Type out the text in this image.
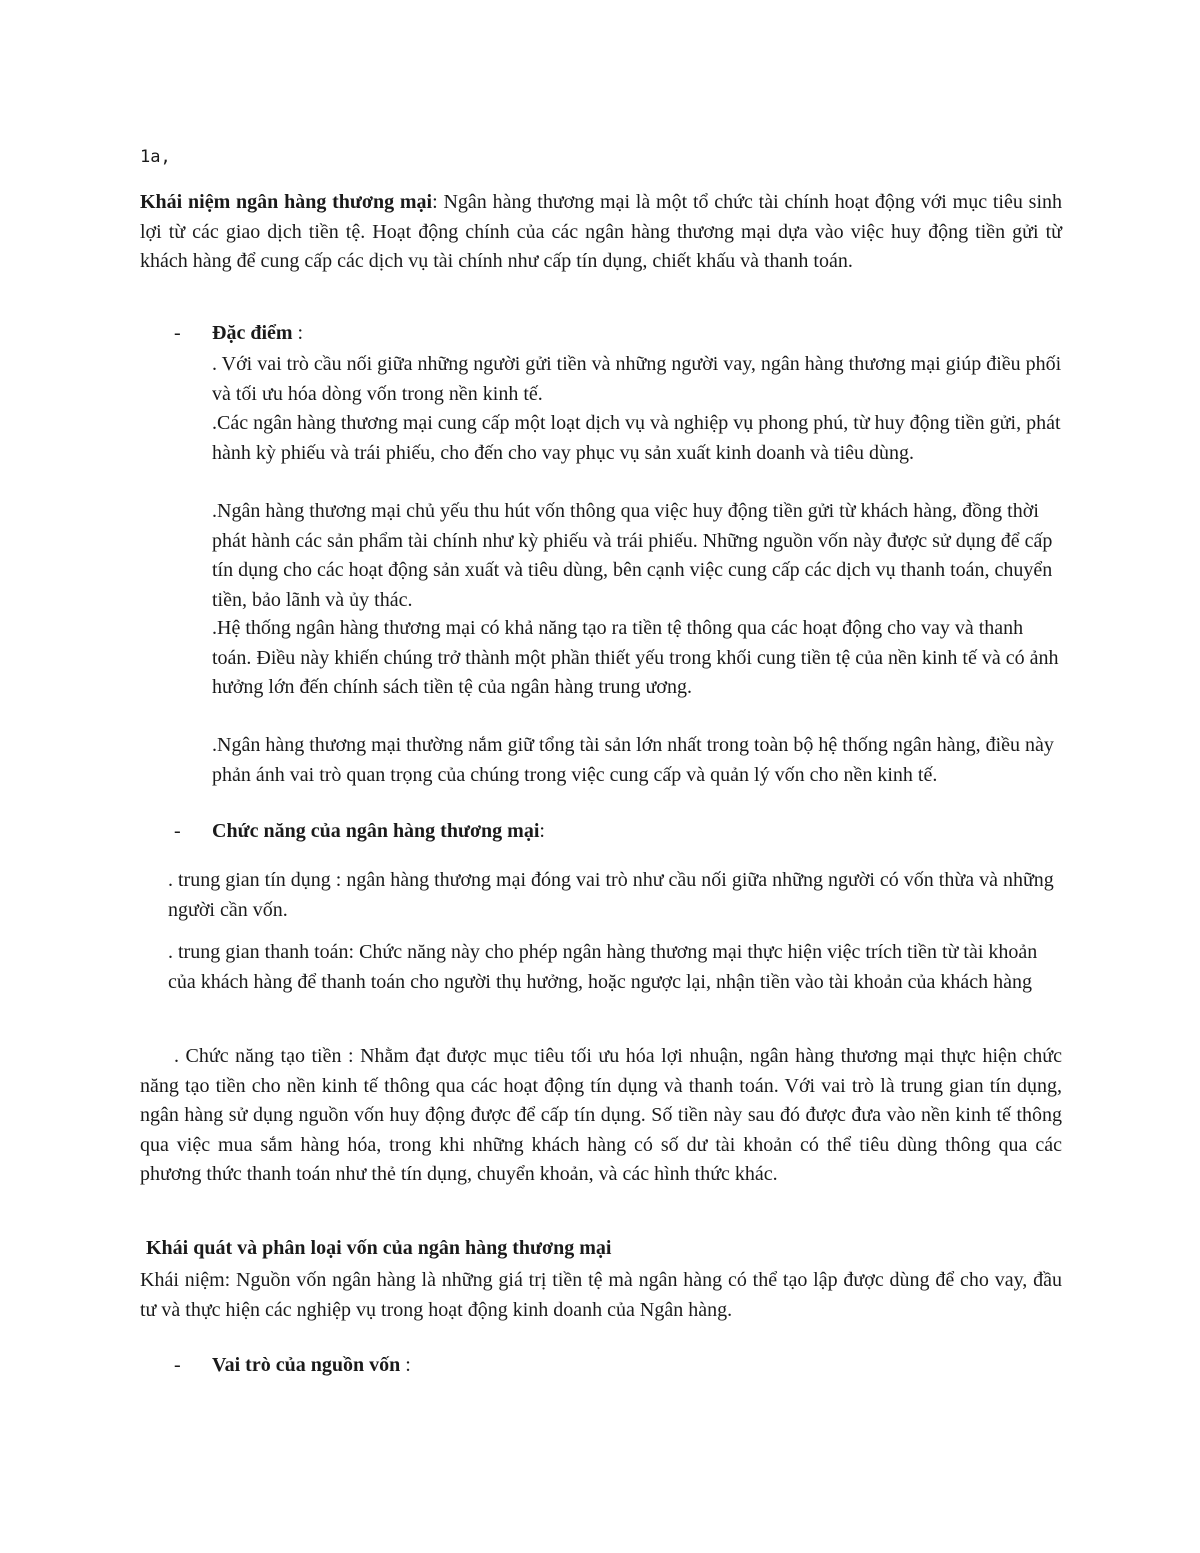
1a,

Khái niệm ngân hàng thương mại: Ngân hàng thương mại là một tổ chức tài chính hoạt động với mục tiêu sinh lợi từ các giao dịch tiền tệ. Hoạt động chính của các ngân hàng thương mại dựa vào việc huy động tiền gửi từ khách hàng để cung cấp các dịch vụ tài chính như cấp tín dụng, chiết khấu và thanh toán.

- Đặc điểm :

. Với vai trò cầu nối giữa những người gửi tiền và những người vay, ngân hàng thương mại giúp điều phối và tối ưu hóa dòng vốn trong nền kinh tế.

.Các ngân hàng thương mại cung cấp một loạt dịch vụ và nghiệp vụ phong phú, từ huy động tiền gửi, phát hành kỳ phiếu và trái phiếu, cho đến cho vay phục vụ sản xuất kinh doanh và tiêu dùng.

.Ngân hàng thương mại chủ yếu thu hút vốn thông qua việc huy động tiền gửi từ khách hàng, đồng thời phát hành các sản phẩm tài chính như kỳ phiếu và trái phiếu. Những nguồn vốn này được sử dụng để cấp tín dụng cho các hoạt động sản xuất và tiêu dùng, bên cạnh việc cung cấp các dịch vụ thanh toán, chuyển tiền, bảo lãnh và ủy thác.

.Hệ thống ngân hàng thương mại có khả năng tạo ra tiền tệ thông qua các hoạt động cho vay và thanh toán. Điều này khiến chúng trở thành một phần thiết yếu trong khối cung tiền tệ của nền kinh tế và có ảnh hưởng lớn đến chính sách tiền tệ của ngân hàng trung ương.

.Ngân hàng thương mại thường nắm giữ tổng tài sản lớn nhất trong toàn bộ hệ thống ngân hàng, điều này phản ánh vai trò quan trọng của chúng trong việc cung cấp và quản lý vốn cho nền kinh tế.

- Chức năng của ngân hàng thương mại:

. trung gian tín dụng : ngân hàng thương mại đóng vai trò như cầu nối giữa những người có vốn thừa và những người cần vốn.

. trung gian thanh toán: Chức năng này cho phép ngân hàng thương mại thực hiện việc trích tiền từ tài khoản của khách hàng để thanh toán cho người thụ hưởng, hoặc ngược lại, nhận tiền vào tài khoản của khách hàng

. Chức năng tạo tiền : Nhằm đạt được mục tiêu tối ưu hóa lợi nhuận, ngân hàng thương mại thực hiện chức năng tạo tiền cho nền kinh tế thông qua các hoạt động tín dụng và thanh toán. Với vai trò là trung gian tín dụng, ngân hàng sử dụng nguồn vốn huy động được để cấp tín dụng. Số tiền này sau đó được đưa vào nền kinh tế thông qua việc mua sắm hàng hóa, trong khi những khách hàng có số dư tài khoản có thể tiêu dùng thông qua các phương thức thanh toán như thẻ tín dụng, chuyển khoản, và các hình thức khác.

Khái quát và phân loại vốn của ngân hàng thương mại

Khái niệm: Nguồn vốn ngân hàng là những giá trị tiền tệ mà ngân hàng có thể tạo lập được dùng để cho vay, đầu tư và thực hiện các nghiệp vụ trong hoạt động kinh doanh của Ngân hàng.

- Vai trò của nguồn vốn :
